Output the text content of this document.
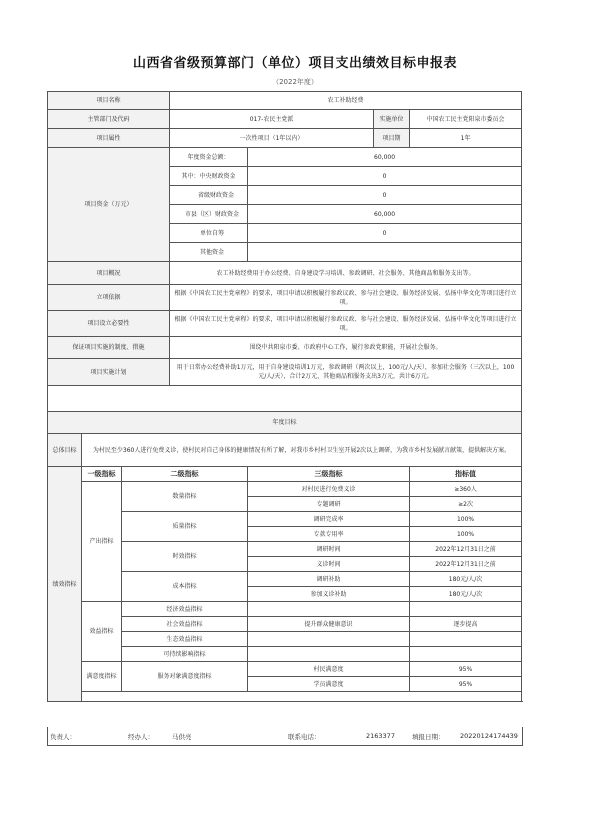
山西省省级预算部门（单位）项目支出绩效目标申报表
（2022年度）
项目名称			农工补助经费			
主管部门及代码			017-农民主党派		实施单位	中国农工民主党阳泉市委员会
项目属性			一次性项目（1年以内）		项目期	1年
项目资金（万元）			年度资金总额：	60,000		
			其中：中央财政资金	0		
			省级财政资金	0		
			市县（区）财政资金	60,000		
			单位自筹	0		
			其他资金			
项目概况			农工补助经费用于办公经费、自身建设学习培训、参政调研、社会服务、其他商品和服务支出等。			
立项依据			根据《中国农工民主党章程》的要求，项目申请以积极履行参政议政、参与社会建设、服务经济发展、弘扬中华文化等项目进行立项。			
项目设立必要性			根据《中国农工民主党章程》的要求，项目申请以积极履行参政议政、参与社会建设、服务经济发展、弘扬中华文化等项目进行立项。			
保证项目实施的制度、措施			围绕中共阳泉市委、市政府中心工作，履行参政党职能，开展社会服务。			
项目实施计划			用于日常办公经费补助1万元，用于自身建设培训1万元，参政调研（两次以上，100元/人/天），参加社会服务（三次以上，100元/人/天），合计2万元，其他商品和服务支出3万元，共计6万元。			

年度目标						
总体目标	为村民至少360人进行免费义诊，使村民对自己身体的健康情况有所了解，对我市乡村村卫生室开展2次以上调研，为我市乡村发展献言献策，提供解决方案。					
绩效指标	一级指标	二级指标		三级指标		指标值
	产出指标	数量指标		对村民进行免费义诊		≥360人
				专题调研		≥2次
		质量指标		调研完成率		100%
				专款专用率		100%
		时效指标		调研时间		2022年12月31日之前
				义诊时间		2022年12月31日之前
		成本指标		调研补助		180元/人/次
				参加义诊补助		180元/人/次
	效益指标	经济效益指标				
		社会效益指标		提升群众健康意识		逐步提高
		生态效益指标				
		可持续影响指标				
	满意度指标	服务对象满意度指标		村民满意度		95%
				学员满意度		95%

负责人：	经办人：	马供亮	联系电话：	2163377	填报日期： 20220124174439
